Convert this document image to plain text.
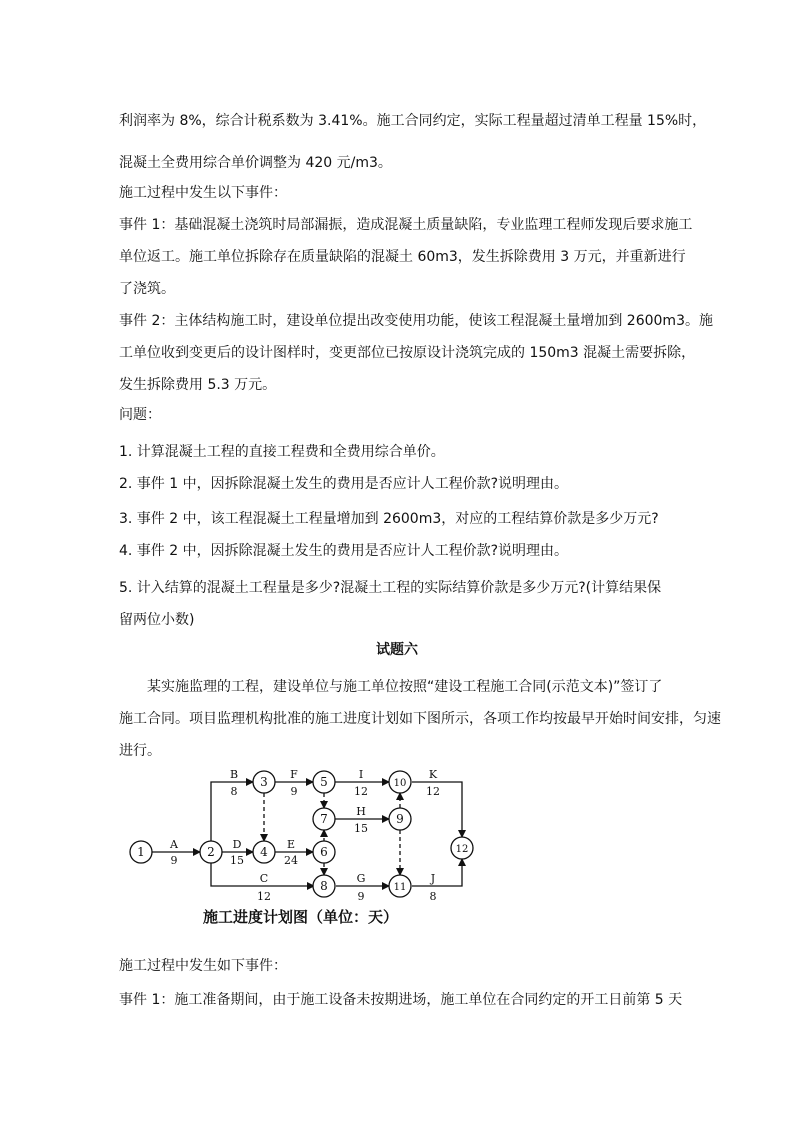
利润率为 8%，综合计税系数为 3.41%。施工合同约定，实际工程量超过清单工程量 15%时，
混凝土全费用综合单价调整为 420 元/m3。
施工过程中发生以下事件：
事件 1：基础混凝土浇筑时局部漏振，造成混凝土质量缺陷，专业监理工程师发现后要求施工
单位返工。施工单位拆除存在质量缺陷的混凝土 60m3，发生拆除费用 3 万元，并重新进行
了浇筑。
事件 2：主体结构施工时，建设单位提出改变使用功能，使该工程混凝土量增加到 2600m3。施
工单位收到变更后的设计图样时，变更部位已按原设计浇筑完成的 150m3 混凝土需要拆除，
发生拆除费用 5.3 万元。
问题：
1. 计算混凝土工程的直接工程费和全费用综合单价。
2. 事件 1 中，因拆除混凝土发生的费用是否应计人工程价款?说明理由。
3. 事件 2 中，该工程混凝土工程量增加到 2600m3，对应的工程结算价款是多少万元?
4. 事件 2 中，因拆除混凝土发生的费用是否应计人工程价款?说明理由。
5. 计入结算的混凝土工程量是多少?混凝土工程的实际结算价款是多少万元?(计算结果保
留两位小数)
试题六
某实施监理的工程，建设单位与施工单位按照“建设工程施工合同(示范文本)”签订了
施工合同。项目监理机构批准的施工进度计划如下图所示，各项工作均按最早开始时间安排，匀速
进行。
1	2
3
4
5
6
7
8
9
10
11
12
A
B
C
D	E
F
G
H
I
J
K
9
8
12
15	24
9
9
15
12
8
12
施工进度计划图（单位：天）
施工过程中发生如下事件：
事件 1：施工准备期间，由于施工设备未按期进场，施工单位在合同约定的开工日前第 5 天
